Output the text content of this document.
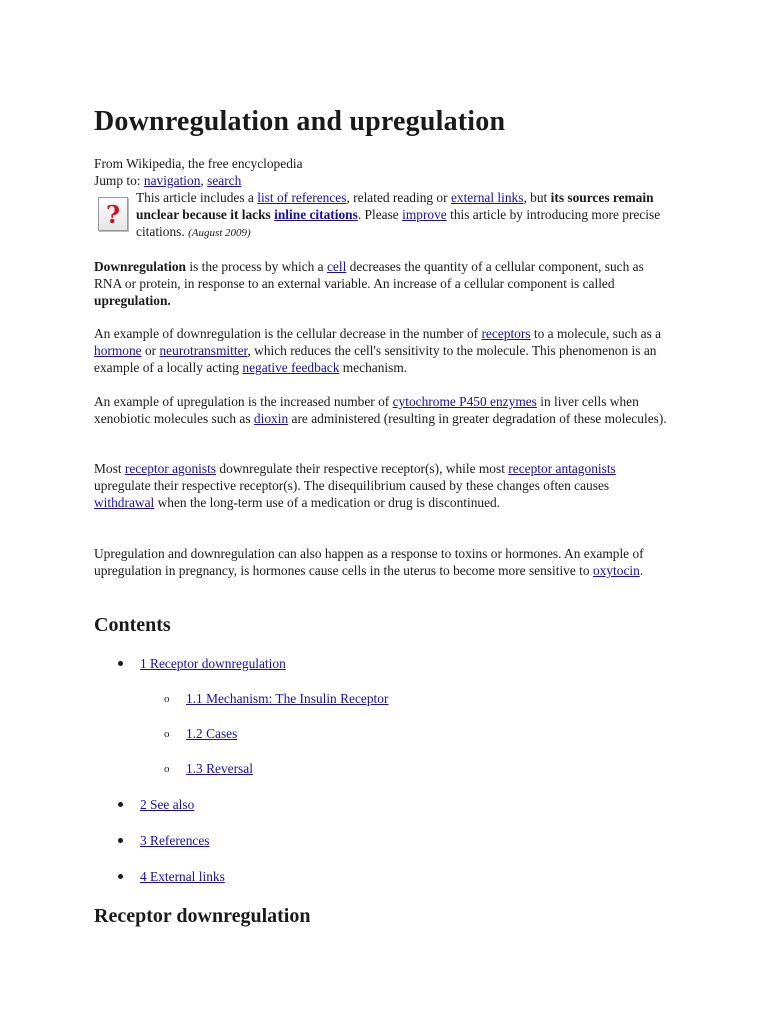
Downregulation and upregulation
From Wikipedia, the free encyclopedia
Jump to: navigation, search
?
This article includes a list of references, related reading or external links, but its sources remain unclear because it lacks inline citations. Please improve this article by introducing more precise citations. (August 2009)

Downregulation is the process by which a cell decreases the quantity of a cellular component, such as RNA or protein, in response to an external variable. An increase of a cellular component is called upregulation.

An example of downregulation is the cellular decrease in the number of receptors to a molecule, such as a hormone or neurotransmitter, which reduces the cell's sensitivity to the molecule. This phenomenon is an example of a locally acting negative feedback mechanism.

An example of upregulation is the increased number of cytochrome P450 enzymes in liver cells when xenobiotic molecules such as dioxin are administered (resulting in greater degradation of these molecules).

Most receptor agonists downregulate their respective receptor(s), while most receptor antagonists upregulate their respective receptor(s). The disequilibrium caused by these changes often causes withdrawal when the long-term use of a medication or drug is discontinued.

Upregulation and downregulation can also happen as a response to toxins or hormones. An example of upregulation in pregnancy, is hormones cause cells in the uterus to become more sensitive to oxytocin.

Contents
1 Receptor downregulation
o 1.1 Mechanism: The Insulin Receptor
o 1.2 Cases
o 1.3 Reversal
2 See also
3 References
4 External links
Receptor downregulation
